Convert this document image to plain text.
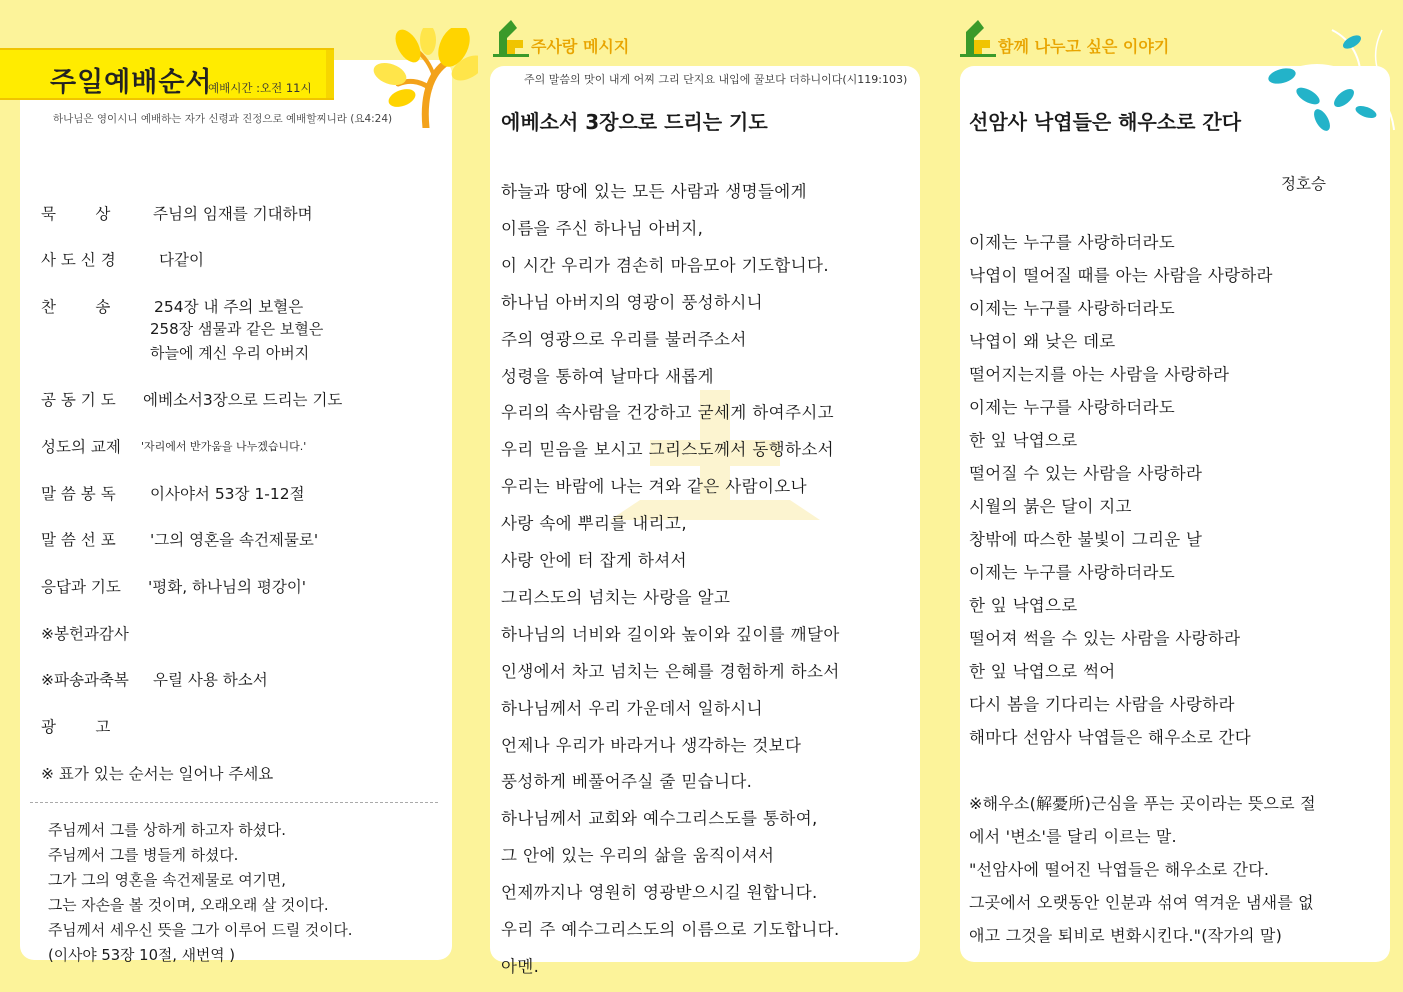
주일예배순서
예배시간 :오전 11시
하나님은 영이시니 예배하는 자가 신령과 진정으로 예배할찌니라 (요4:24)
묵        상	주님의 임재를 기대하며
사 도 신 경	다같이
찬        송	254장 내 주의 보혈은
258장 샘물과 같은 보혈은
하늘에 계신 우리 아버지
공 동 기 도 에베소서3장으로 드리는 기도
성도의 교제 '자리에서 반가움을 나누겠습니다.'
말 씀 봉 독 이사야서 53장 1-12절
말 씀 선 포 '그의 영혼을 속건제물로'
응답과 기도 '평화, 하나님의 평강이'
※봉헌과감사
※파송과축복 우릴 사용 하소서
광        고
※ 표가 있는 순서는 일어나 주세요
주님께서 그를 상하게 하고자 하셨다.
주님께서 그를 병들게 하셨다.
그가 그의 영혼을 속건제물로 여기면,
그는 자손을 볼 것이며, 오래오래 살 것이다.
주님께서 세우신 뜻을 그가 이루어 드릴 것이다.
(이사야 53장 10절, 새번역 )
주사랑 메시지
주의 말씀의 맛이 내게 어찌 그리 단지요 내입에 꿀보다 더하니이다(시119:103)
에베소서 3장으로 드리는 기도
하늘과 땅에 있는 모든 사람과 생명들에게
이름을 주신 하나님 아버지,
이 시간 우리가 겸손히 마음모아 기도합니다.
하나님 아버지의 영광이 풍성하시니
주의 영광으로 우리를 불러주소서
성령을 통하여 날마다 새롭게
우리의 속사람을 건강하고 굳세게 하여주시고
우리 믿음을 보시고 그리스도께서 동행하소서
우리는 바람에 나는 겨와 같은 사람이오나
사랑 속에 뿌리를 내리고,
사랑 안에 터 잡게 하셔서
그리스도의 넘치는 사랑을 알고
하나님의 너비와 길이와 높이와 깊이를 깨달아
인생에서 차고 넘치는 은혜를 경험하게 하소서
하나님께서 우리 가운데서 일하시니
언제나 우리가 바라거나 생각하는 것보다
풍성하게 베풀어주실 줄 믿습니다.
하나님께서 교회와 예수그리스도를 통하여,
그 안에 있는 우리의 삶을 움직이셔서
언제까지나 영원히 영광받으시길 원합니다.
우리 주 예수그리스도의 이름으로 기도합니다.
아멘.
함께 나누고 싶은 이야기
선암사 낙엽들은 해우소로 간다
정호승
이제는 누구를 사랑하더라도
낙엽이 떨어질 때를 아는 사람을 사랑하라
이제는 누구를 사랑하더라도
낙엽이 왜 낮은 데로
떨어지는지를 아는 사람을 사랑하라
이제는 누구를 사랑하더라도
한 잎 낙엽으로
떨어질 수 있는 사람을 사랑하라
시월의 붉은 달이 지고
창밖에 따스한 불빛이 그리운 날
이제는 누구를 사랑하더라도
한 잎 낙엽으로
떨어져 썩을 수 있는 사람을 사랑하라
한 잎 낙엽으로 썩어
다시 봄을 기다리는 사람을 사랑하라
해마다 선암사 낙엽들은 해우소로 간다
※해우소(解憂所)근심을 푸는 곳이라는 뜻으로 절
에서 '변소'를 달리 이르는 말.
"선암사에 떨어진 낙엽들은 해우소로 간다.
그곳에서 오랫동안 인분과 섞여 역겨운 냄새를 없
애고 그것을 퇴비로 변화시킨다."(작가의 말)
